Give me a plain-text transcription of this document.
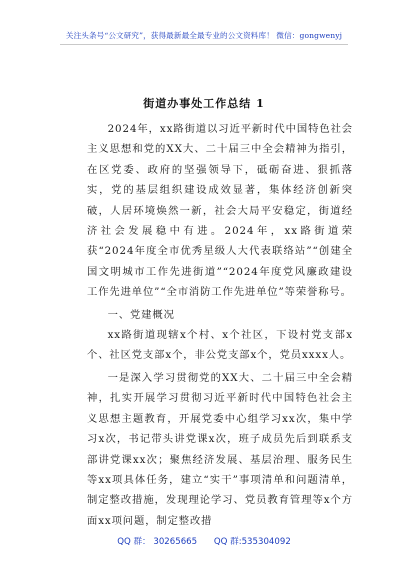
关注头条号“公文研究”，获得最新最全最专业的公文资料库！ 微信：gongwenyj
街道办事处工作总结 1

2024年，xx路街道以习近平新时代中国特色社会主义思想和党的XX大、二十届三中全会精神为指引，在区党委、政府的坚强领导下，砥砺奋进、狠抓落实，党的基层组织建设成效显著，集体经济创新突破，人居环境焕然一新，社会大局平安稳定，街道经济社会发展稳中有进。2024年，xx路街道荣获“2024年度全市优秀星级人大代表联络站”“创建全国文明城市工作先进街道”“2024年度党风廉政建设工作先进单位”“全市消防工作先进单位”等荣誉称号。

一、党建概况

xx路街道现辖x个村、x个社区，下设村党支部x个、社区党支部x个，非公党支部x个，党员xxxx人。

一是深入学习贯彻党的XX大、二十届三中全会精神，扎实开展学习贯彻习近平新时代中国特色社会主义思想主题教育，开展党委中心组学习xx次，集中学习x次，书记带头讲党课x次，班子成员先后到联系支部讲党课xx次；聚焦经济发展、基层治理、服务民生等xx项具体任务，建立“实干”事项清单和问题清单，制定整改措施，发现理论学习、党员教育管理等x个方面xx项问题，制定整改措

QQ 群： 30265665 QQ 群:535304092
